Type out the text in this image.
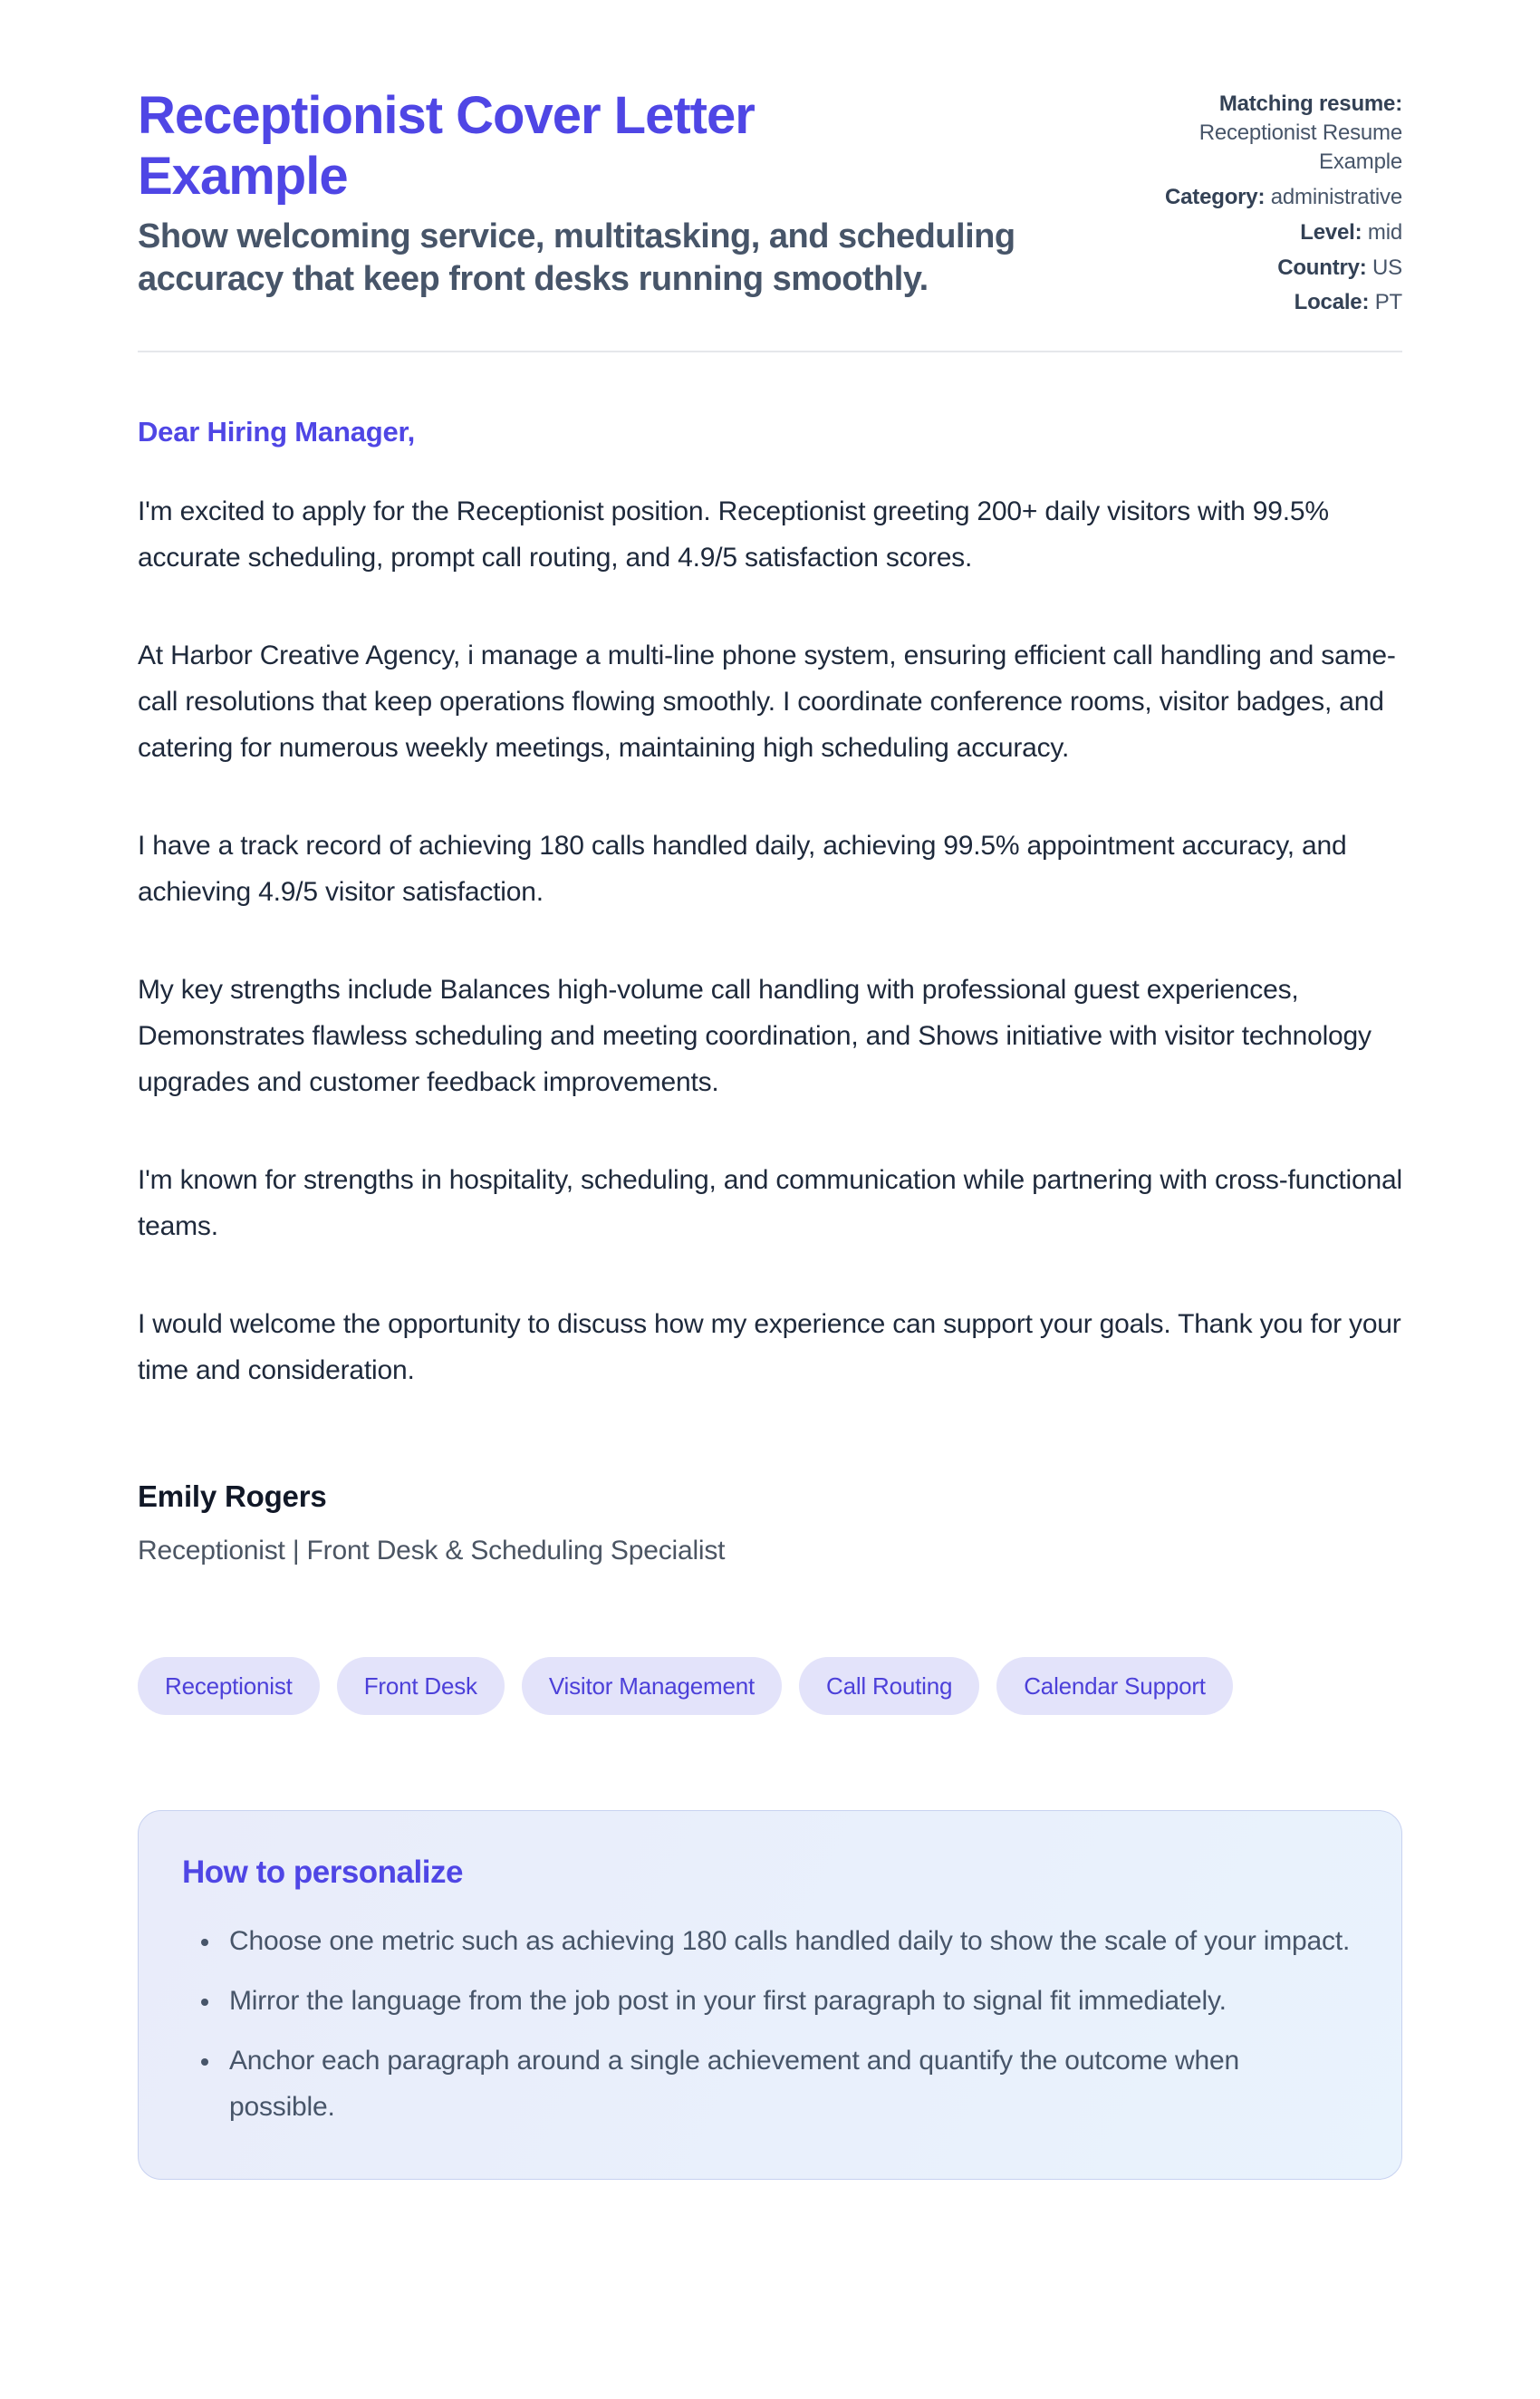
Receptionist Cover Letter Example

Show welcoming service, multitasking, and scheduling accuracy that keep front desks running smoothly.

Matching resume: Receptionist Resume Example
Category: administrative
Level: mid
Country: US
Locale: PT

Dear Hiring Manager,

I'm excited to apply for the Receptionist position. Receptionist greeting 200+ daily visitors with 99.5% accurate scheduling, prompt call routing, and 4.9/5 satisfaction scores.

At Harbor Creative Agency, i manage a multi-line phone system, ensuring efficient call handling and same-call resolutions that keep operations flowing smoothly. I coordinate conference rooms, visitor badges, and catering for numerous weekly meetings, maintaining high scheduling accuracy.

I have a track record of achieving 180 calls handled daily, achieving 99.5% appointment accuracy, and achieving 4.9/5 visitor satisfaction.

My key strengths include Balances high-volume call handling with professional guest experiences, Demonstrates flawless scheduling and meeting coordination, and Shows initiative with visitor technology upgrades and customer feedback improvements.

I'm known for strengths in hospitality, scheduling, and communication while partnering with cross-functional teams.

I would welcome the opportunity to discuss how my experience can support your goals. Thank you for your time and consideration.

Emily Rogers

Receptionist | Front Desk & Scheduling Specialist

Receptionist	Front Desk	Visitor Management	Call Routing	Calendar Support
How to personalize
• Choose one metric such as achieving 180 calls handled daily to show the scale of your impact.
• Mirror the language from the job post in your first paragraph to signal fit immediately.
• Anchor each paragraph around a single achievement and quantify the outcome when possible.
